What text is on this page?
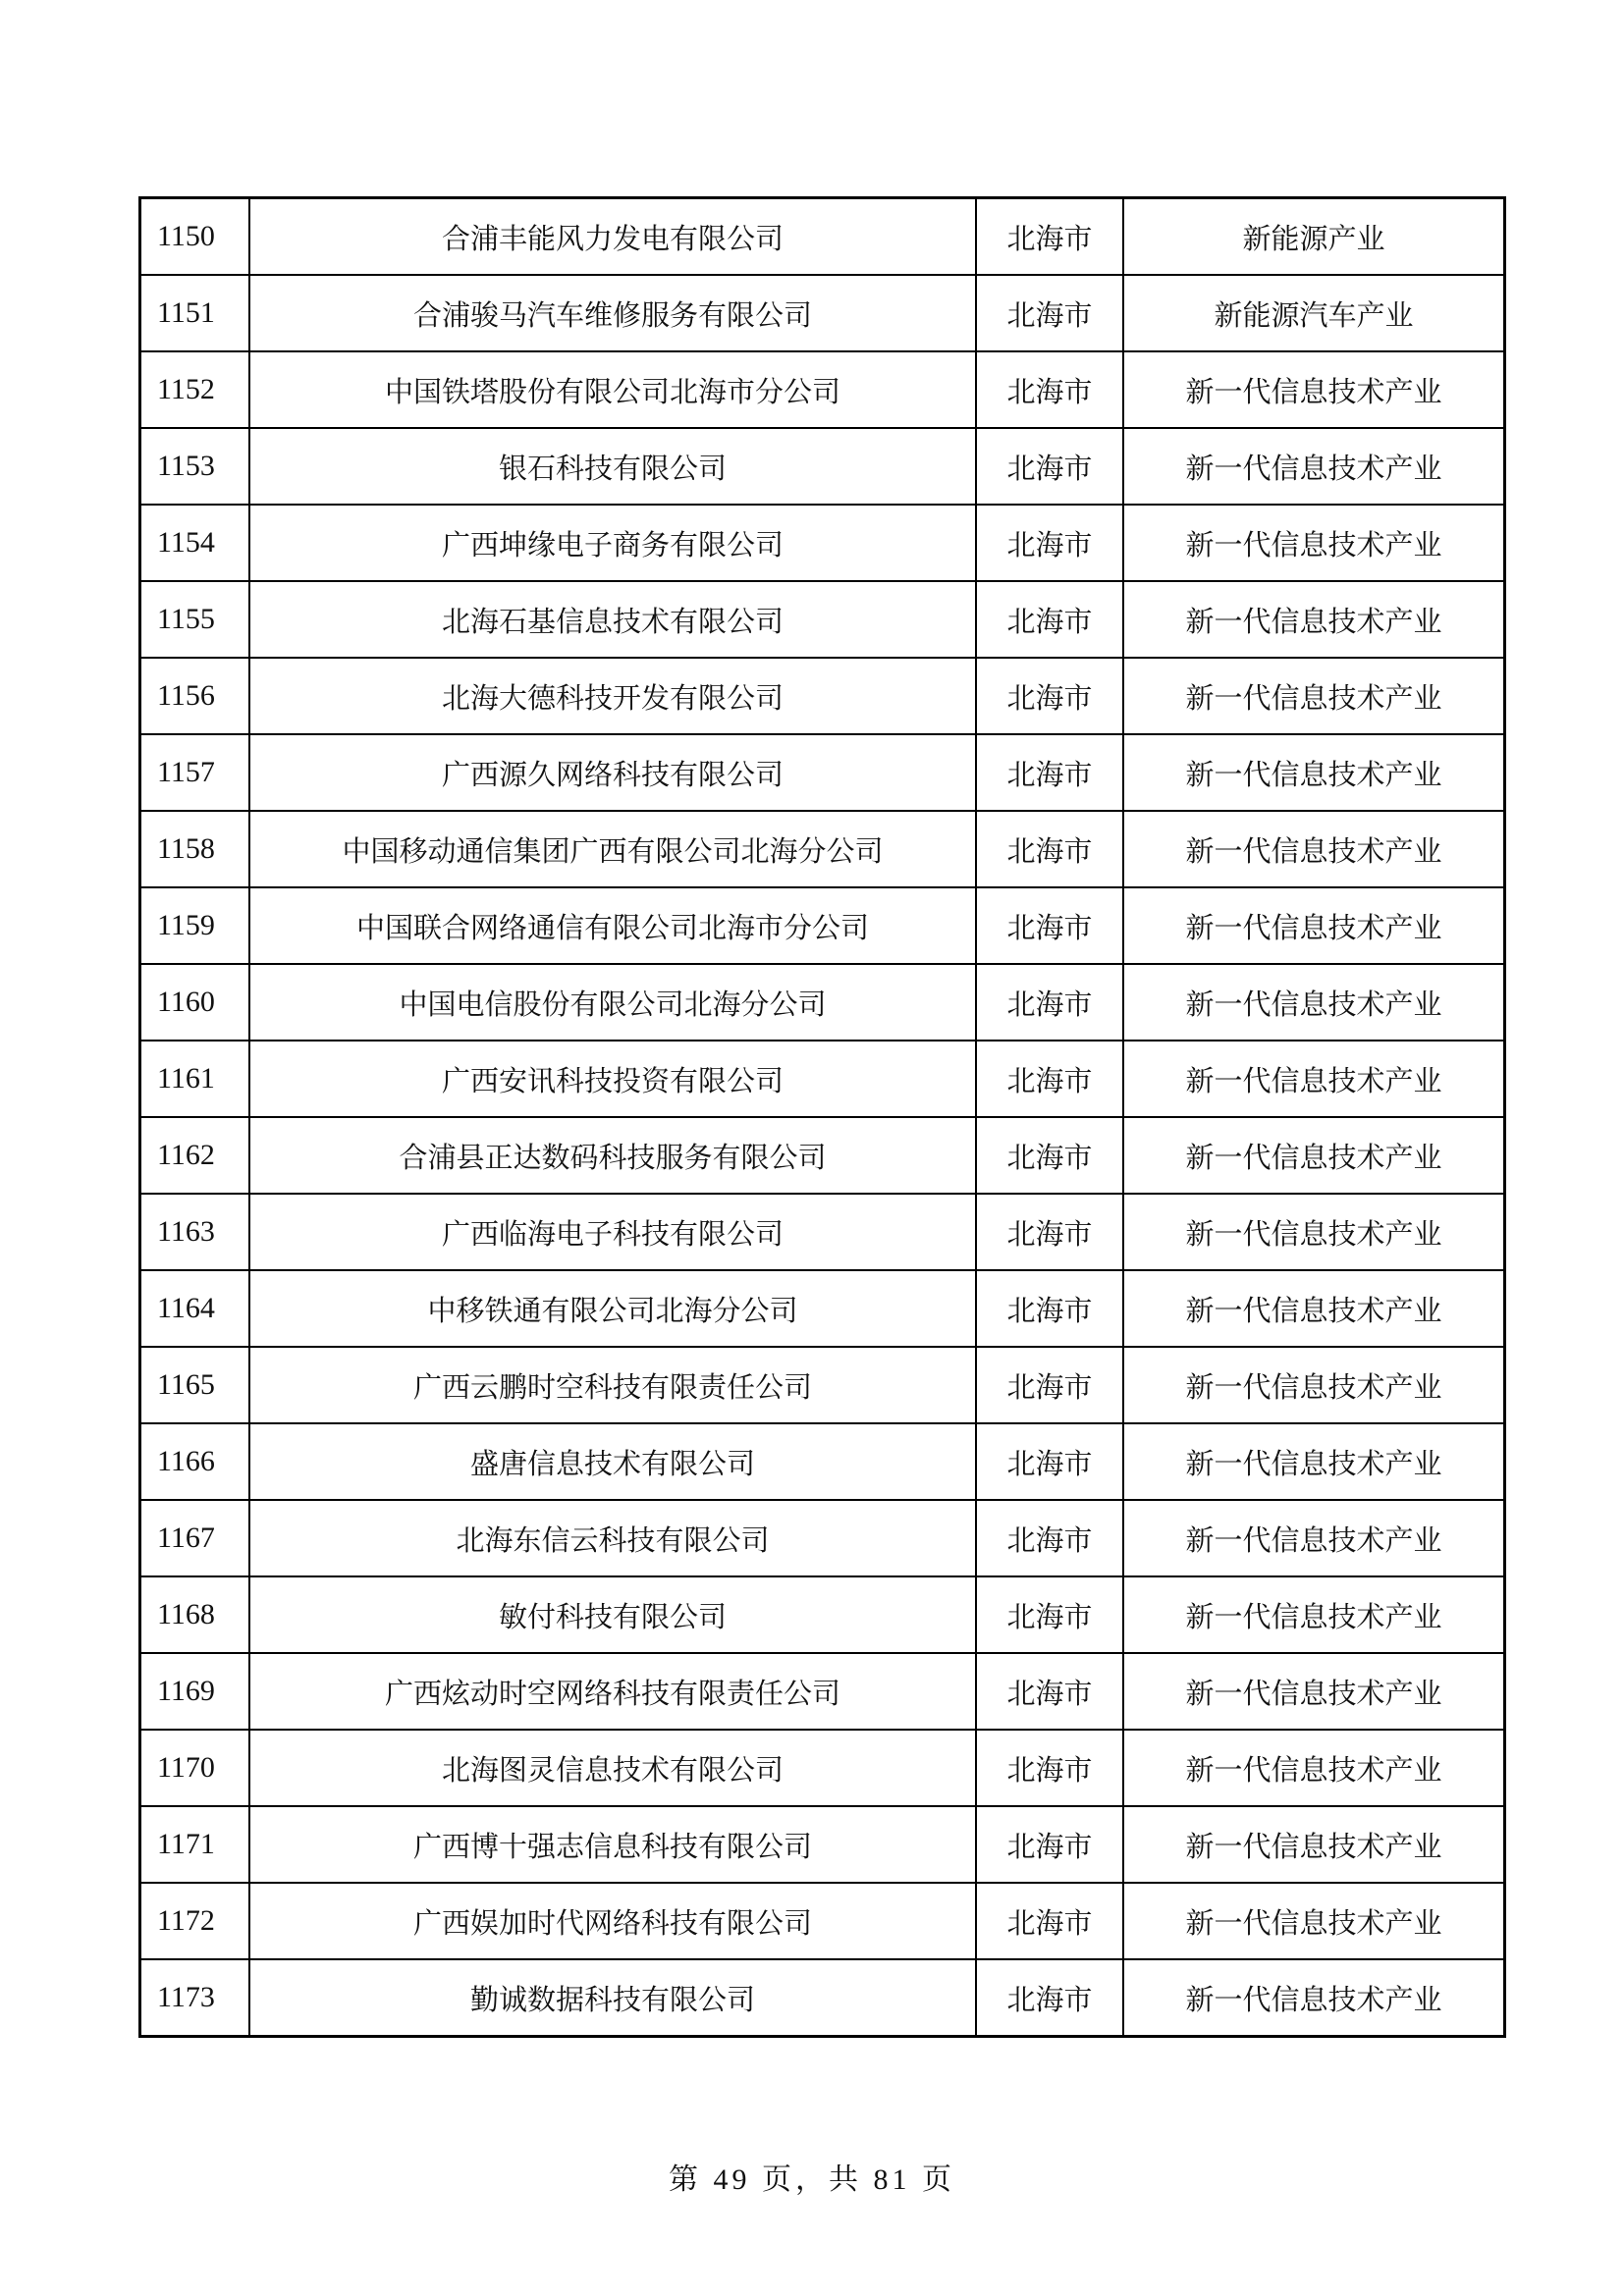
1150	合浦丰能风力发电有限公司	北海市	新能源产业
1151	合浦骏马汽车维修服务有限公司	北海市	新能源汽车产业
1152	中国铁塔股份有限公司北海市分公司	北海市	新一代信息技术产业
1153	银石科技有限公司	北海市	新一代信息技术产业
1154	广西坤缘电子商务有限公司	北海市	新一代信息技术产业
1155	北海石基信息技术有限公司	北海市	新一代信息技术产业
1156	北海大德科技开发有限公司	北海市	新一代信息技术产业
1157	广西源久网络科技有限公司	北海市	新一代信息技术产业
1158	中国移动通信集团广西有限公司北海分公司	北海市	新一代信息技术产业
1159	中国联合网络通信有限公司北海市分公司	北海市	新一代信息技术产业
1160	中国电信股份有限公司北海分公司	北海市	新一代信息技术产业
1161	广西安讯科技投资有限公司	北海市	新一代信息技术产业
1162	合浦县正达数码科技服务有限公司	北海市	新一代信息技术产业
1163	广西临海电子科技有限公司	北海市	新一代信息技术产业
1164	中移铁通有限公司北海分公司	北海市	新一代信息技术产业
1165	广西云鹏时空科技有限责任公司	北海市	新一代信息技术产业
1166	盛唐信息技术有限公司	北海市	新一代信息技术产业
1167	北海东信云科技有限公司	北海市	新一代信息技术产业
1168	敏付科技有限公司	北海市	新一代信息技术产业
1169	广西炫动时空网络科技有限责任公司	北海市	新一代信息技术产业
1170	北海图灵信息技术有限公司	北海市	新一代信息技术产业
1171	广西博十强志信息科技有限公司	北海市	新一代信息技术产业
1172	广西娱加时代网络科技有限公司	北海市	新一代信息技术产业
1173	勤诚数据科技有限公司	北海市	新一代信息技术产业
第 49 页，共 81 页
